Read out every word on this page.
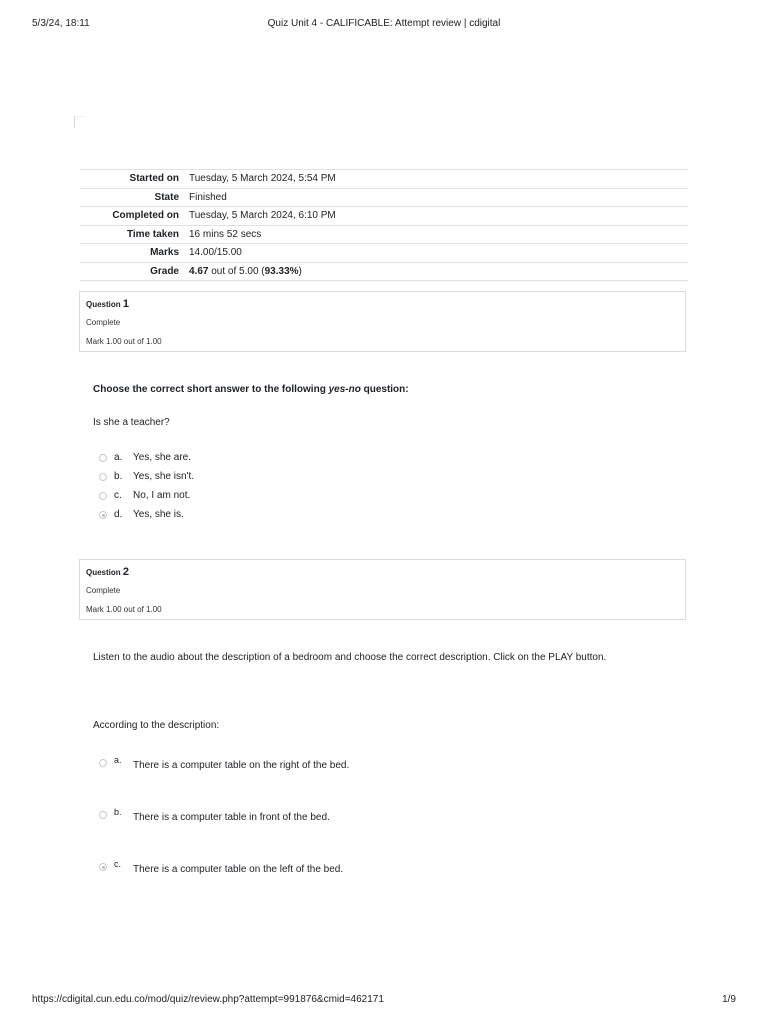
5/3/24, 18:11	Quiz Unit 4 - CALIFICABLE: Attempt review | cdigital
Started on	Tuesday, 5 March 2024, 5:54 PM
State	Finished
Completed on	Tuesday, 5 March 2024, 6:10 PM
Time taken	16 mins 52 secs
Marks	14.00/15.00
Grade	4.67 out of 5.00 (93.33%)
Question 1
Complete
Mark 1.00 out of 1.00
Choose the correct short answer to the following yes-no question:
Is she a teacher?
a. Yes, she are.
b. Yes, she isn't.
c. No, I am not.
d. Yes, she is.
Question 2
Complete
Mark 1.00 out of 1.00
Listen to the audio about the description of a bedroom and choose the correct description. Click on the PLAY button.
According to the description:
a. There is a computer table on the right of the bed.
b. There is a computer table in front of the bed.
c. There is a computer table on the left of the bed.
https://cdigital.cun.edu.co/mod/quiz/review.php?attempt=991876&cmid=462171	1/9
